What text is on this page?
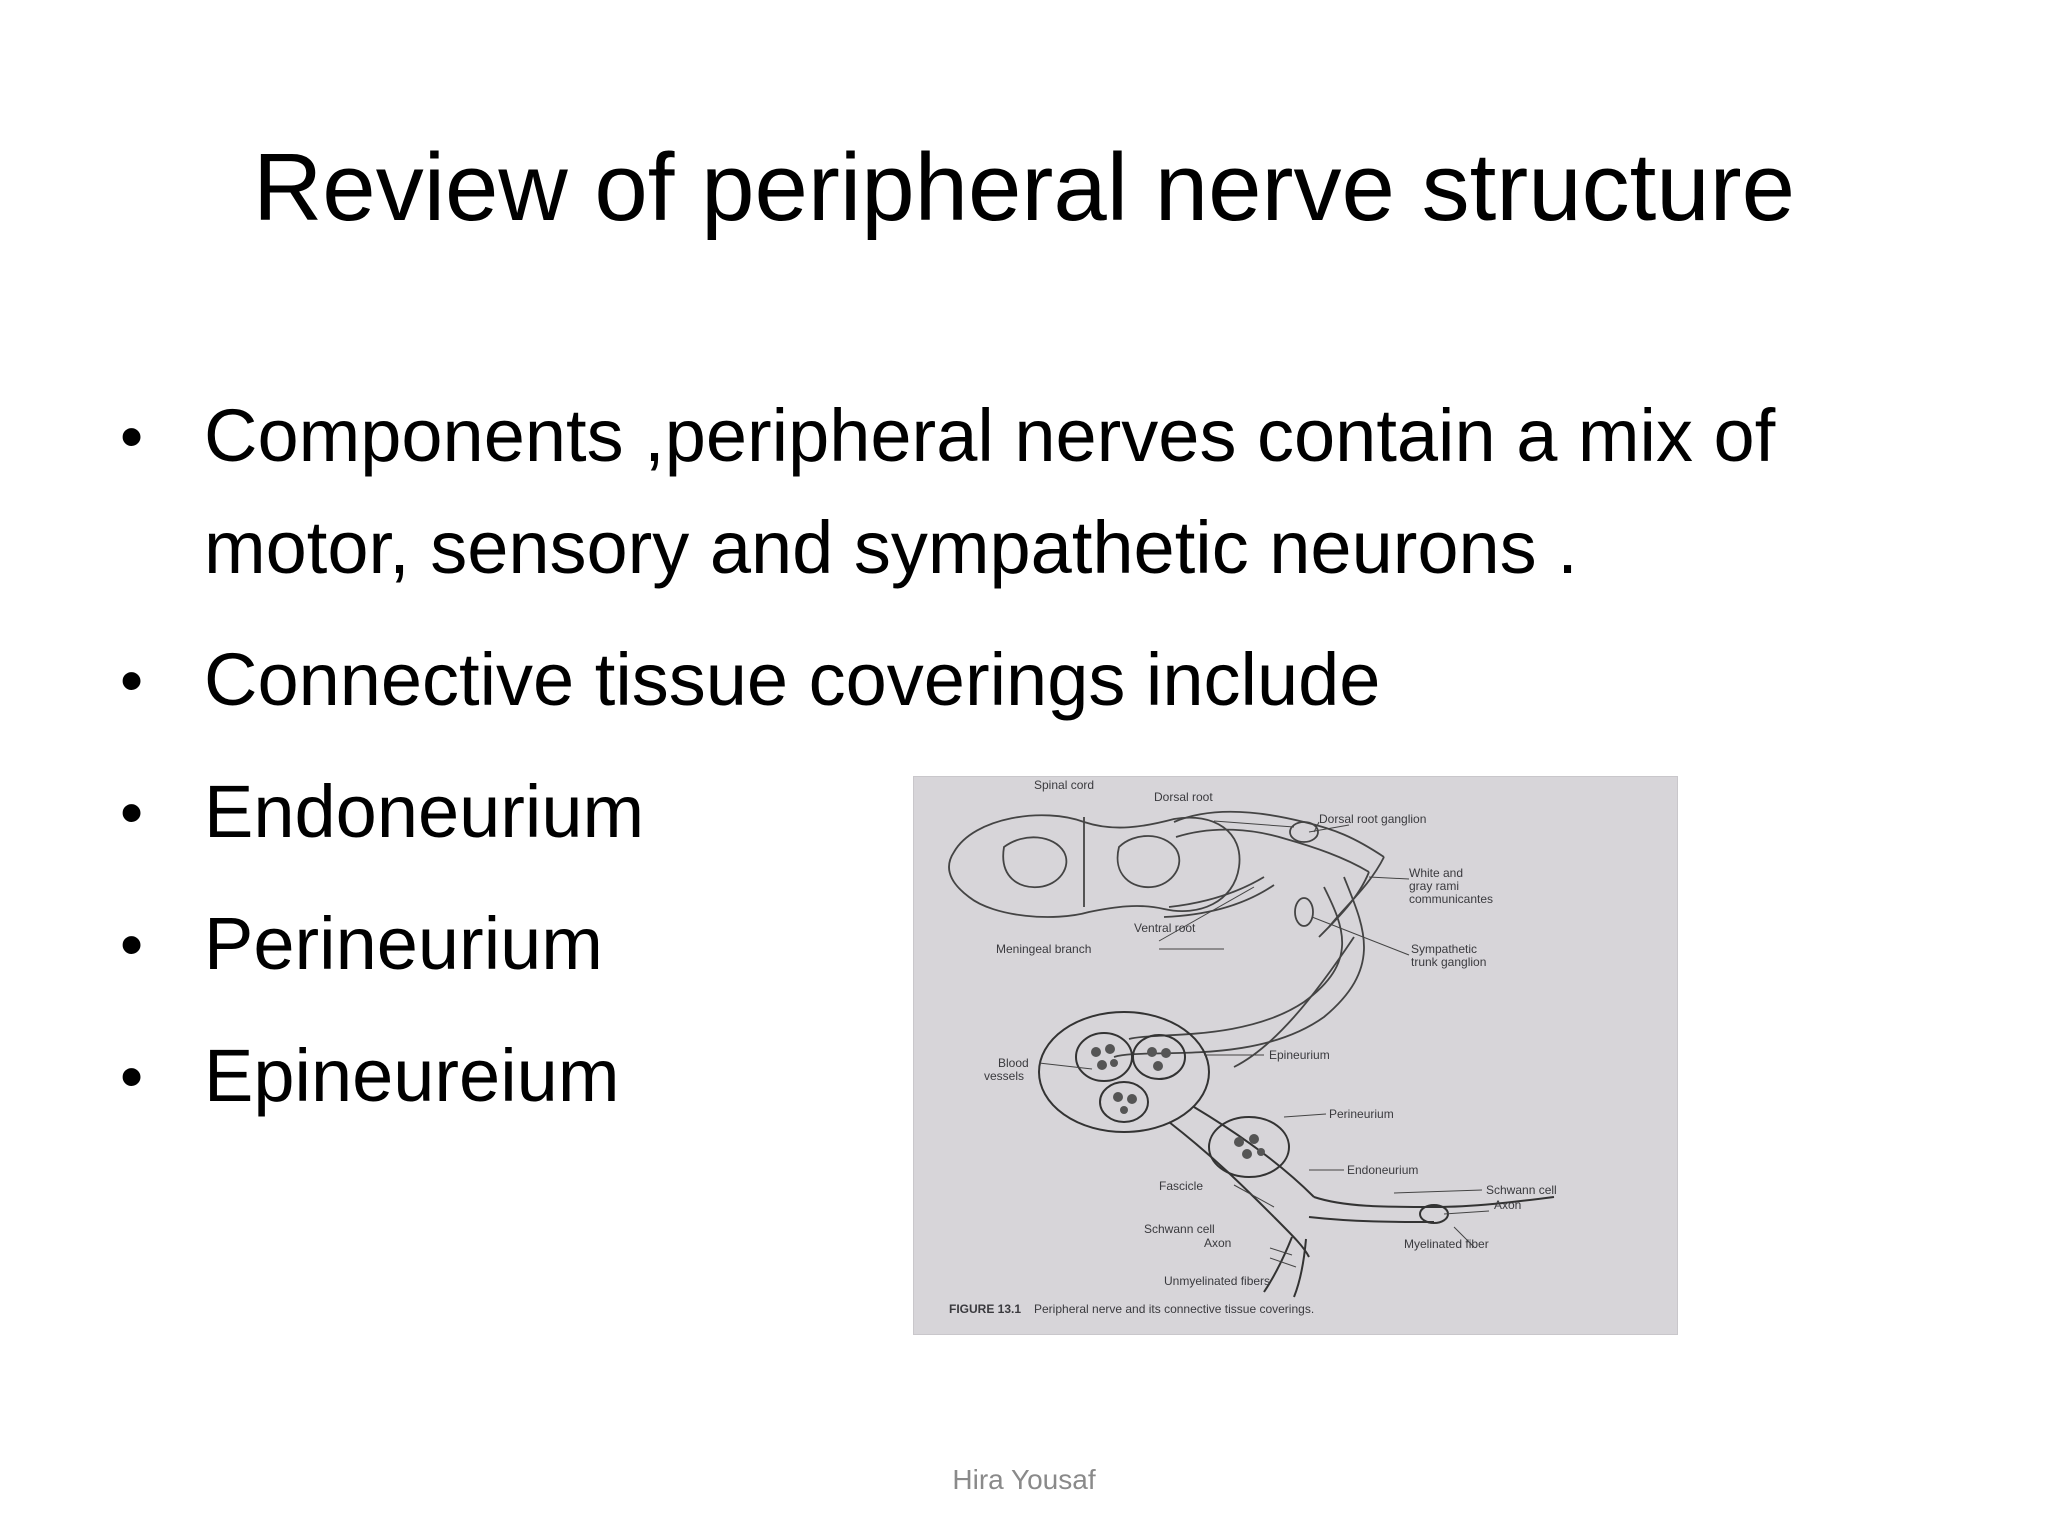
Review of peripheral nerve structure
• Components ,peripheral nerves contain a mix of motor, sensory and sympathetic neurons .
• Connective tissue coverings include
• Endoneurium
• Perineurium
• Epineureium
Spinal cord
Dorsal root
Dorsal root ganglion
White and
gray rami
communicantes
Ventral root
Meningeal branch	Sympathetic
trunk ganglion
Blood
vessels
Epineurium
Perineurium
Endoneurium
Fascicle	Schwann cell
Axon
Schwann cell
Axon	Myelinated fiber
Unmyelinated fibers
FIGURE 13.1 Peripheral nerve and its connective tissue coverings.
Hira Yousaf
